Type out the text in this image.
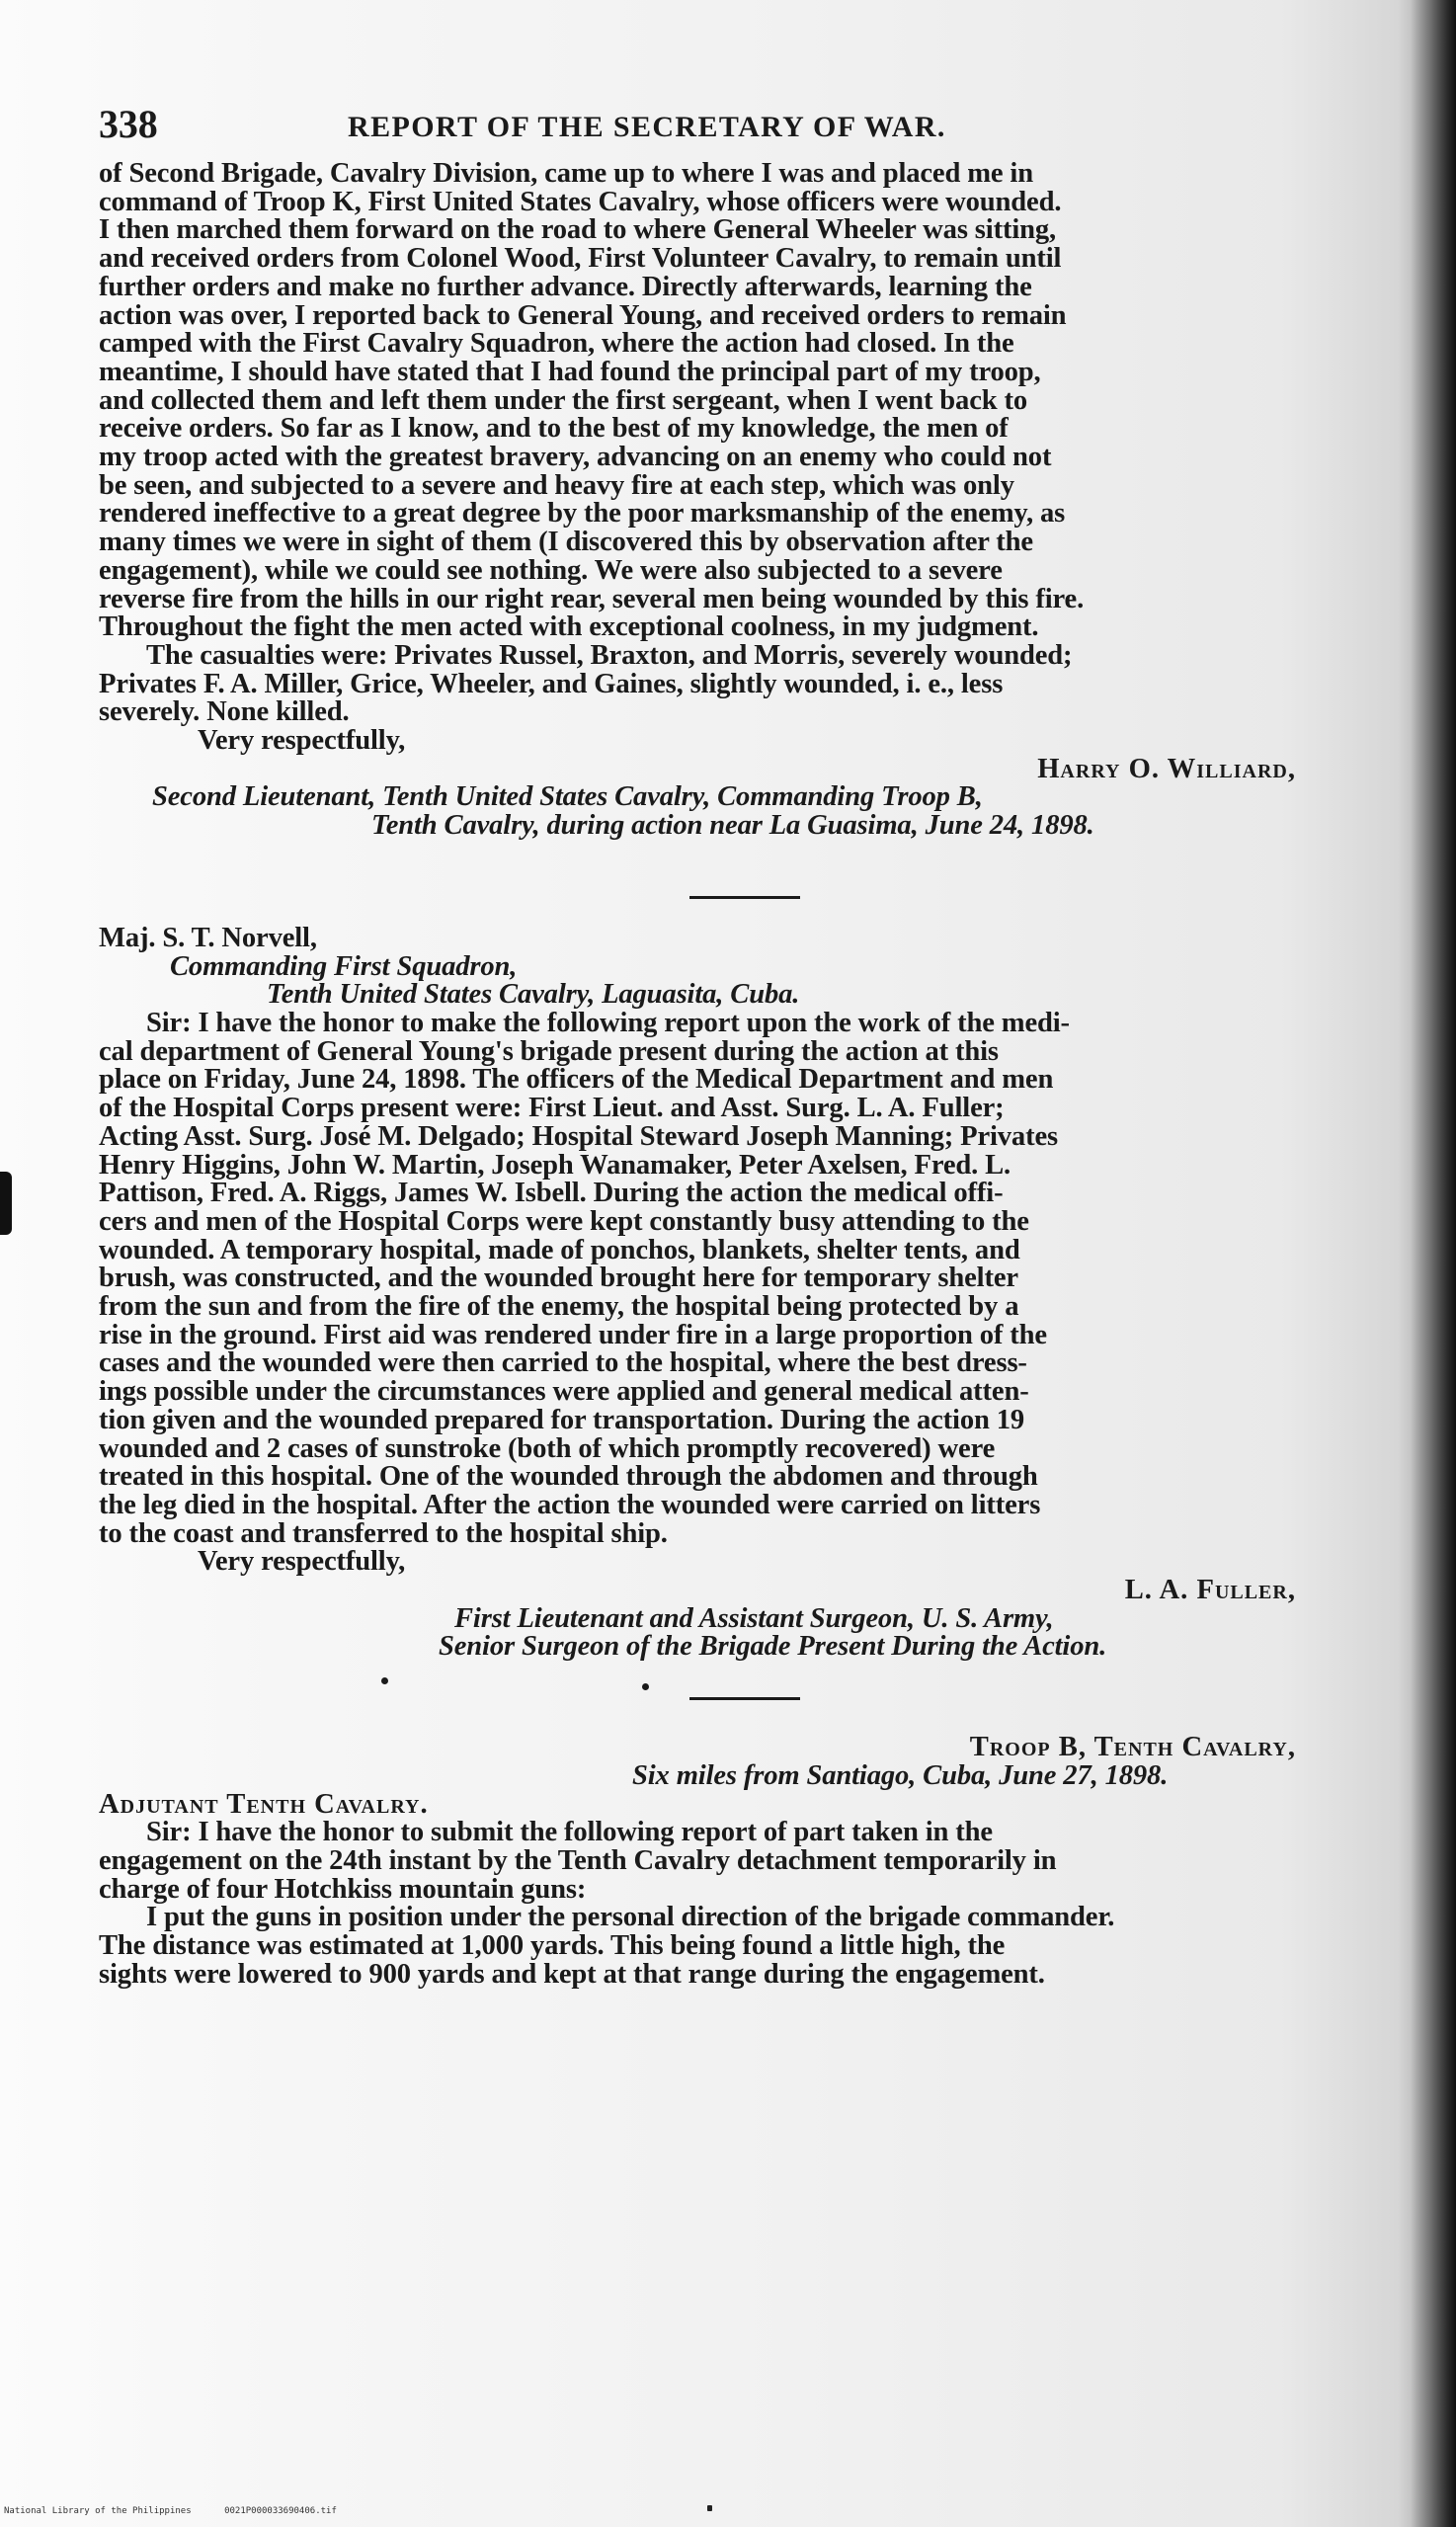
338	REPORT OF THE SECRETARY OF WAR.

of Second Brigade, Cavalry Division, came up to where I was and placed me in

command of Troop K, First United States Cavalry, whose officers were wounded.

I then marched them forward on the road to where General Wheeler was sitting,

and received orders from Colonel Wood, First Volunteer Cavalry, to remain until

further orders and make no further advance. Directly afterwards, learning the

action was over, I reported back to General Young, and received orders to remain

camped with the First Cavalry Squadron, where the action had closed. In the

meantime, I should have stated that I had found the principal part of my troop,

and collected them and left them under the first sergeant, when I went back to

receive orders. So far as I know, and to the best of my knowledge, the men of

my troop acted with the greatest bravery, advancing on an enemy who could not

be seen, and subjected to a severe and heavy fire at each step, which was only

rendered ineffective to a great degree by the poor marksmanship of the enemy, as

many times we were in sight of them (I discovered this by observation after the

engagement), while we could see nothing. We were also subjected to a severe

reverse fire from the hills in our right rear, several men being wounded by this fire.

Throughout the fight the men acted with exceptional coolness, in my judgment.

The casualties were: Privates Russel, Braxton, and Morris, severely wounded;

Privates F. A. Miller, Grice, Wheeler, and Gaines, slightly wounded, i. e., less

severely. None killed.

Very respectfully,

Harry O. Williard,

Second Lieutenant, Tenth United States Cavalry, Commanding Troop B,

Tenth Cavalry, during action near La Guasima, June 24, 1898.

Maj. S. T. Norvell,

Commanding First Squadron,

Tenth United States Cavalry, Laguasita, Cuba.

Sir: I have the honor to make the following report upon the work of the medi-

cal department of General Young's brigade present during the action at this

place on Friday, June 24, 1898. The officers of the Medical Department and men

of the Hospital Corps present were: First Lieut. and Asst. Surg. L. A. Fuller;

Acting Asst. Surg. José M. Delgado; Hospital Steward Joseph Manning; Privates

Henry Higgins, John W. Martin, Joseph Wanamaker, Peter Axelsen, Fred. L.

Pattison, Fred. A. Riggs, James W. Isbell. During the action the medical offi-

cers and men of the Hospital Corps were kept constantly busy attending to the

wounded. A temporary hospital, made of ponchos, blankets, shelter tents, and

brush, was constructed, and the wounded brought here for temporary shelter

from the sun and from the fire of the enemy, the hospital being protected by a

rise in the ground. First aid was rendered under fire in a large proportion of the

cases and the wounded were then carried to the hospital, where the best dress-

ings possible under the circumstances were applied and general medical atten-

tion given and the wounded prepared for transportation. During the action 19

wounded and 2 cases of sunstroke (both of which promptly recovered) were

treated in this hospital. One of the wounded through the abdomen and through

the leg died in the hospital. After the action the wounded were carried on litters

to the coast and transferred to the hospital ship.

Very respectfully,

L. A. Fuller,

First Lieutenant and Assistant Surgeon, U. S. Army,

Senior Surgeon of the Brigade Present During the Action.

Troop B, Tenth Cavalry,

Six miles from Santiago, Cuba, June 27, 1898.

Adjutant Tenth Cavalry.

Sir: I have the honor to submit the following report of part taken in the

engagement on the 24th instant by the Tenth Cavalry detachment temporarily in

charge of four Hotchkiss mountain guns:

I put the guns in position under the personal direction of the brigade commander.

The distance was estimated at 1,000 yards. This being found a little high, the

sights were lowered to 900 yards and kept at that range during the engagement.

National Library of the Philippines	0021P000033690406.tif
